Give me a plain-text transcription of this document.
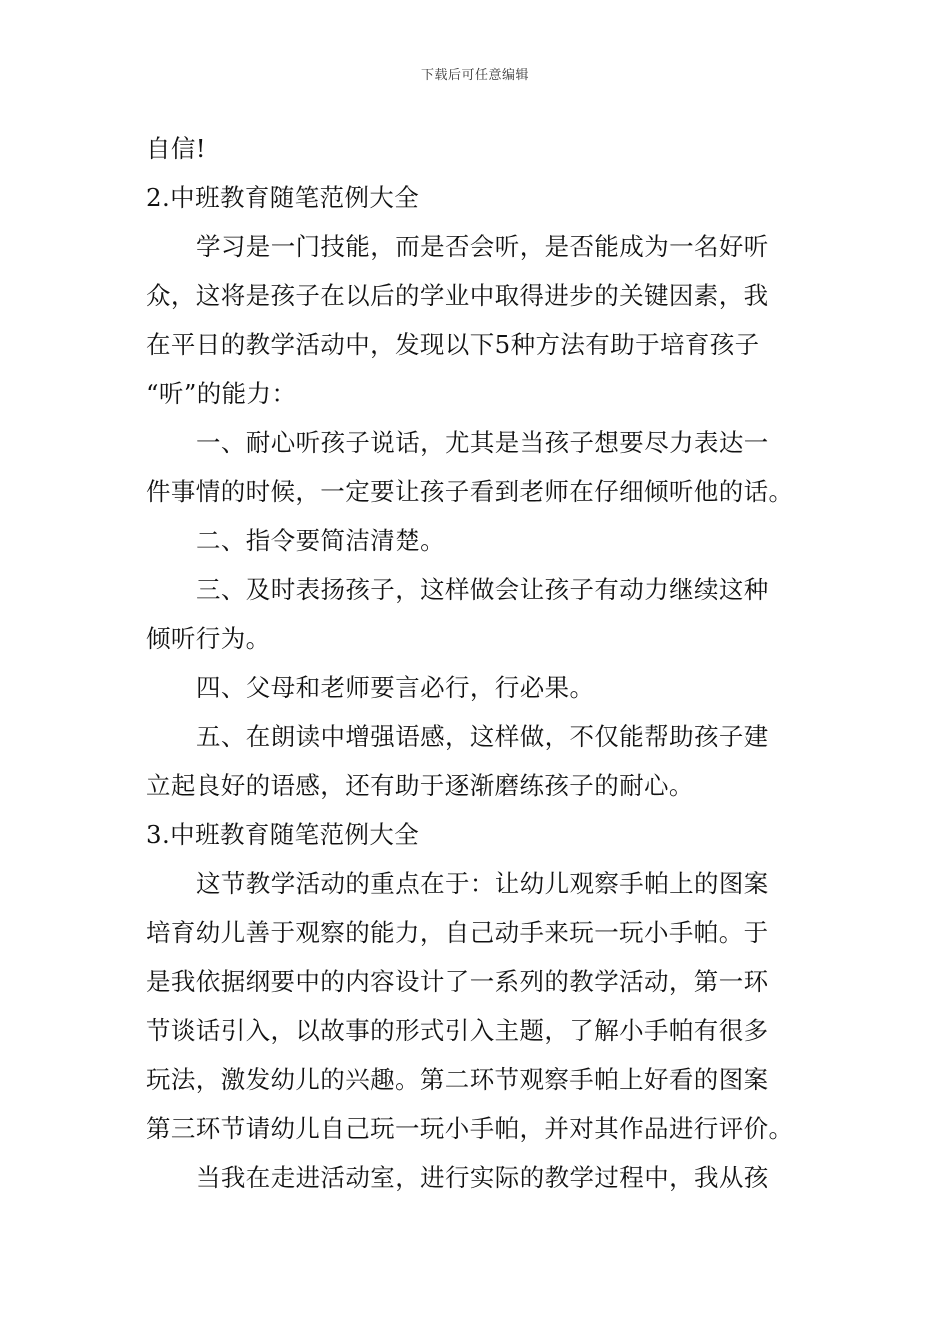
下载后可任意编辑
自信!
2.中班教育随笔范例大全
学习是一门技能，而是否会听，是否能成为一名好听
众，这将是孩子在以后的学业中取得进步的关键因素，我
在平日的教学活动中，发现以下5种方法有助于培育孩子
“听”的能力：
一、耐心听孩子说话，尤其是当孩子想要尽力表达一
件事情的时候，一定要让孩子看到老师在仔细倾听他的话。
二、指令要简洁清楚。
三、及时表扬孩子，这样做会让孩子有动力继续这种
倾听行为。
四、父母和老师要言必行，行必果。
五、在朗读中增强语感，这样做，不仅能帮助孩子建
立起良好的语感，还有助于逐渐磨练孩子的耐心。
3.中班教育随笔范例大全
这节教学活动的重点在于：让幼儿观察手帕上的图案
培育幼儿善于观察的能力，自己动手来玩一玩小手帕。于
是我依据纲要中的内容设计了一系列的教学活动，第一环
节谈话引入，以故事的形式引入主题，了解小手帕有很多
玩法，激发幼儿的兴趣。第二环节观察手帕上好看的图案
第三环节请幼儿自己玩一玩小手帕，并对其作品进行评价。
当我在走进活动室，进行实际的教学过程中，我从孩
